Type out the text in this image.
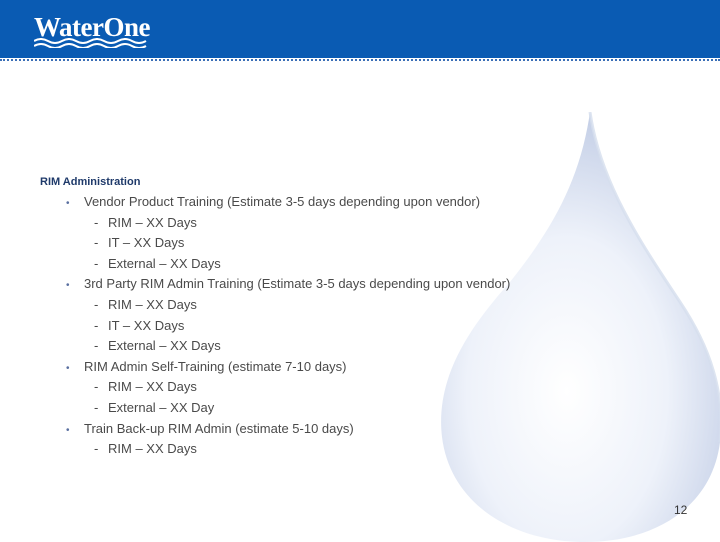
WaterOne
RIM Administration
• Vendor Product Training (Estimate 3-5 days depending upon vendor)
- RIM – XX Days
- IT – XX Days
- External – XX Days
• 3rd Party RIM Admin Training (Estimate 3-5 days depending upon vendor)
- RIM – XX Days
- IT – XX Days
- External – XX Days
• RIM Admin Self-Training (estimate 7-10 days)
- RIM – XX Days
- External – XX Day
• Train Back-up RIM Admin (estimate 5-10 days)
- RIM – XX Days
12
